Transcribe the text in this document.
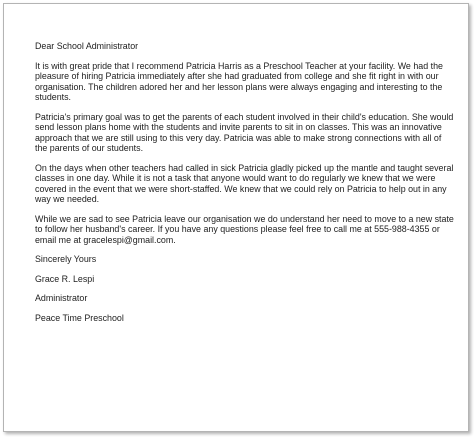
Dear School Administrator

It is with great pride that I recommend Patricia Harris as a Preschool Teacher at your facility. We had the pleasure of hiring Patricia immediately after she had graduated from college and she fit right in with our organisation. The children adored her and her lesson plans were always engaging and interesting to the students.

Patricia's primary goal was to get the parents of each student involved in their child's education. She would send lesson plans home with the students and invite parents to sit in on classes. This was an innovative approach that we are still using to this very day. Patricia was able to make strong connections with all of the parents of our students.

On the days when other teachers had called in sick Patricia gladly picked up the mantle and taught several classes in one day. While it is not a task that anyone would want to do regularly we knew that we were covered in the event that we were short-staffed. We knew that we could rely on Patricia to help out in any way we needed.

While we are sad to see Patricia leave our organisation we do understand her need to move to a new state to follow her husband's career. If you have any questions please feel free to call me at 555-988-4355 or email me at gracelespi@gmail.com.

Sincerely Yours

Grace R. Lespi

Administrator

Peace Time Preschool
